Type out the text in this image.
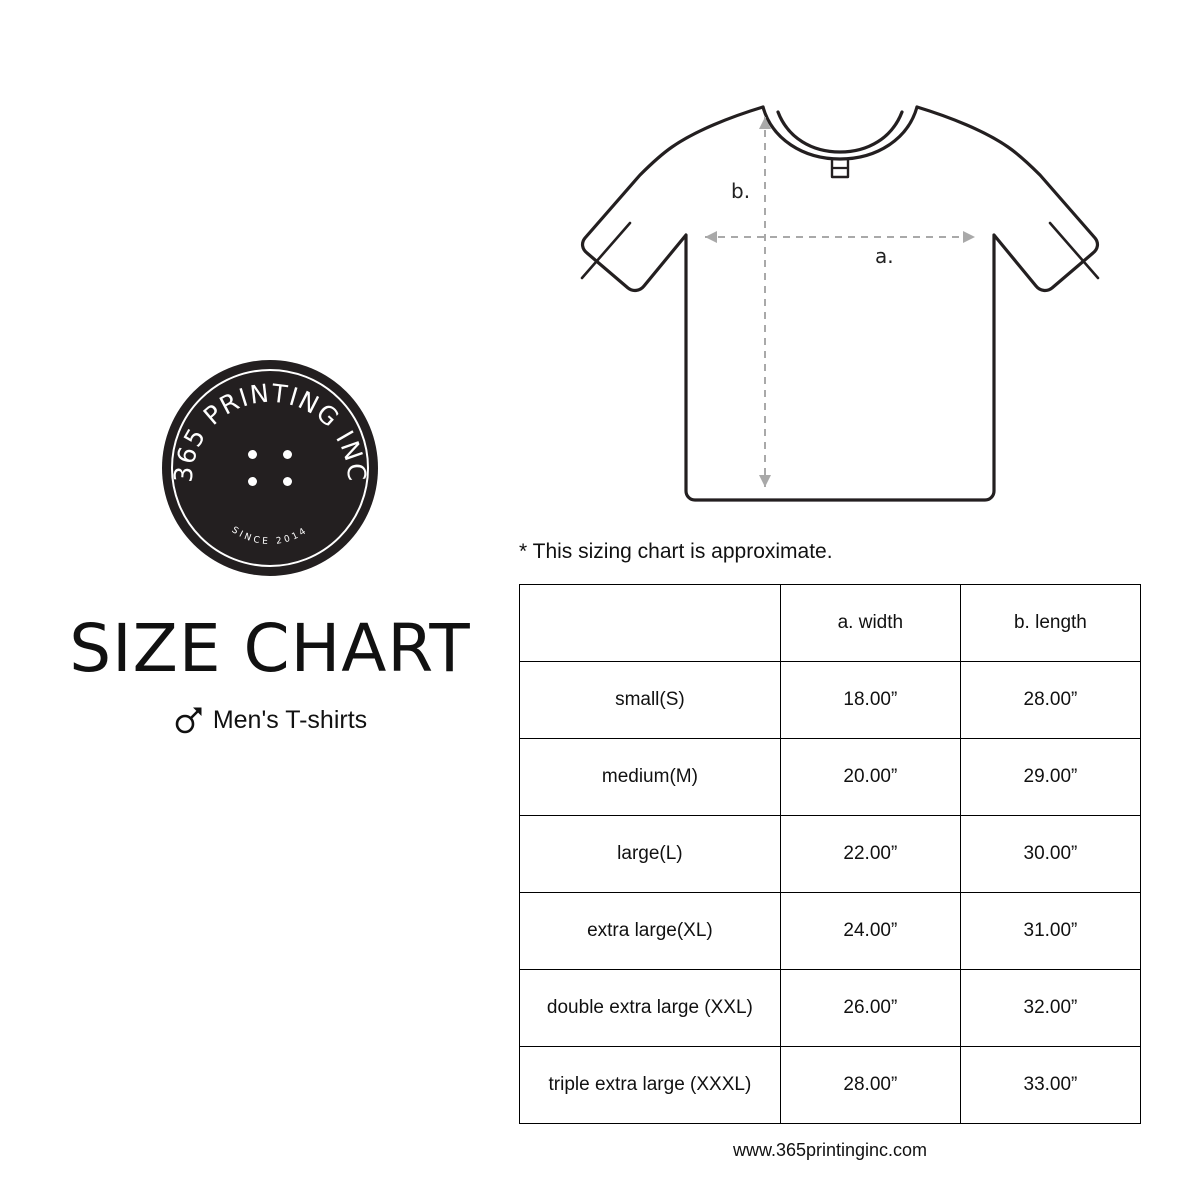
365 PRINTING INC
SINCE 2014
SIZE CHART
Men's T-shirts
a.
b.
* This sizing chart is approximate.
	a. width	b. length
small(S)	18.00”	28.00”
medium(M)	20.00”	29.00”
large(L)	22.00”	30.00”
extra large(XL)	24.00”	31.00”
double extra large (XXL)	26.00”	32.00”
triple extra large (XXXL)	28.00”	33.00”
www.365printinginc.com
